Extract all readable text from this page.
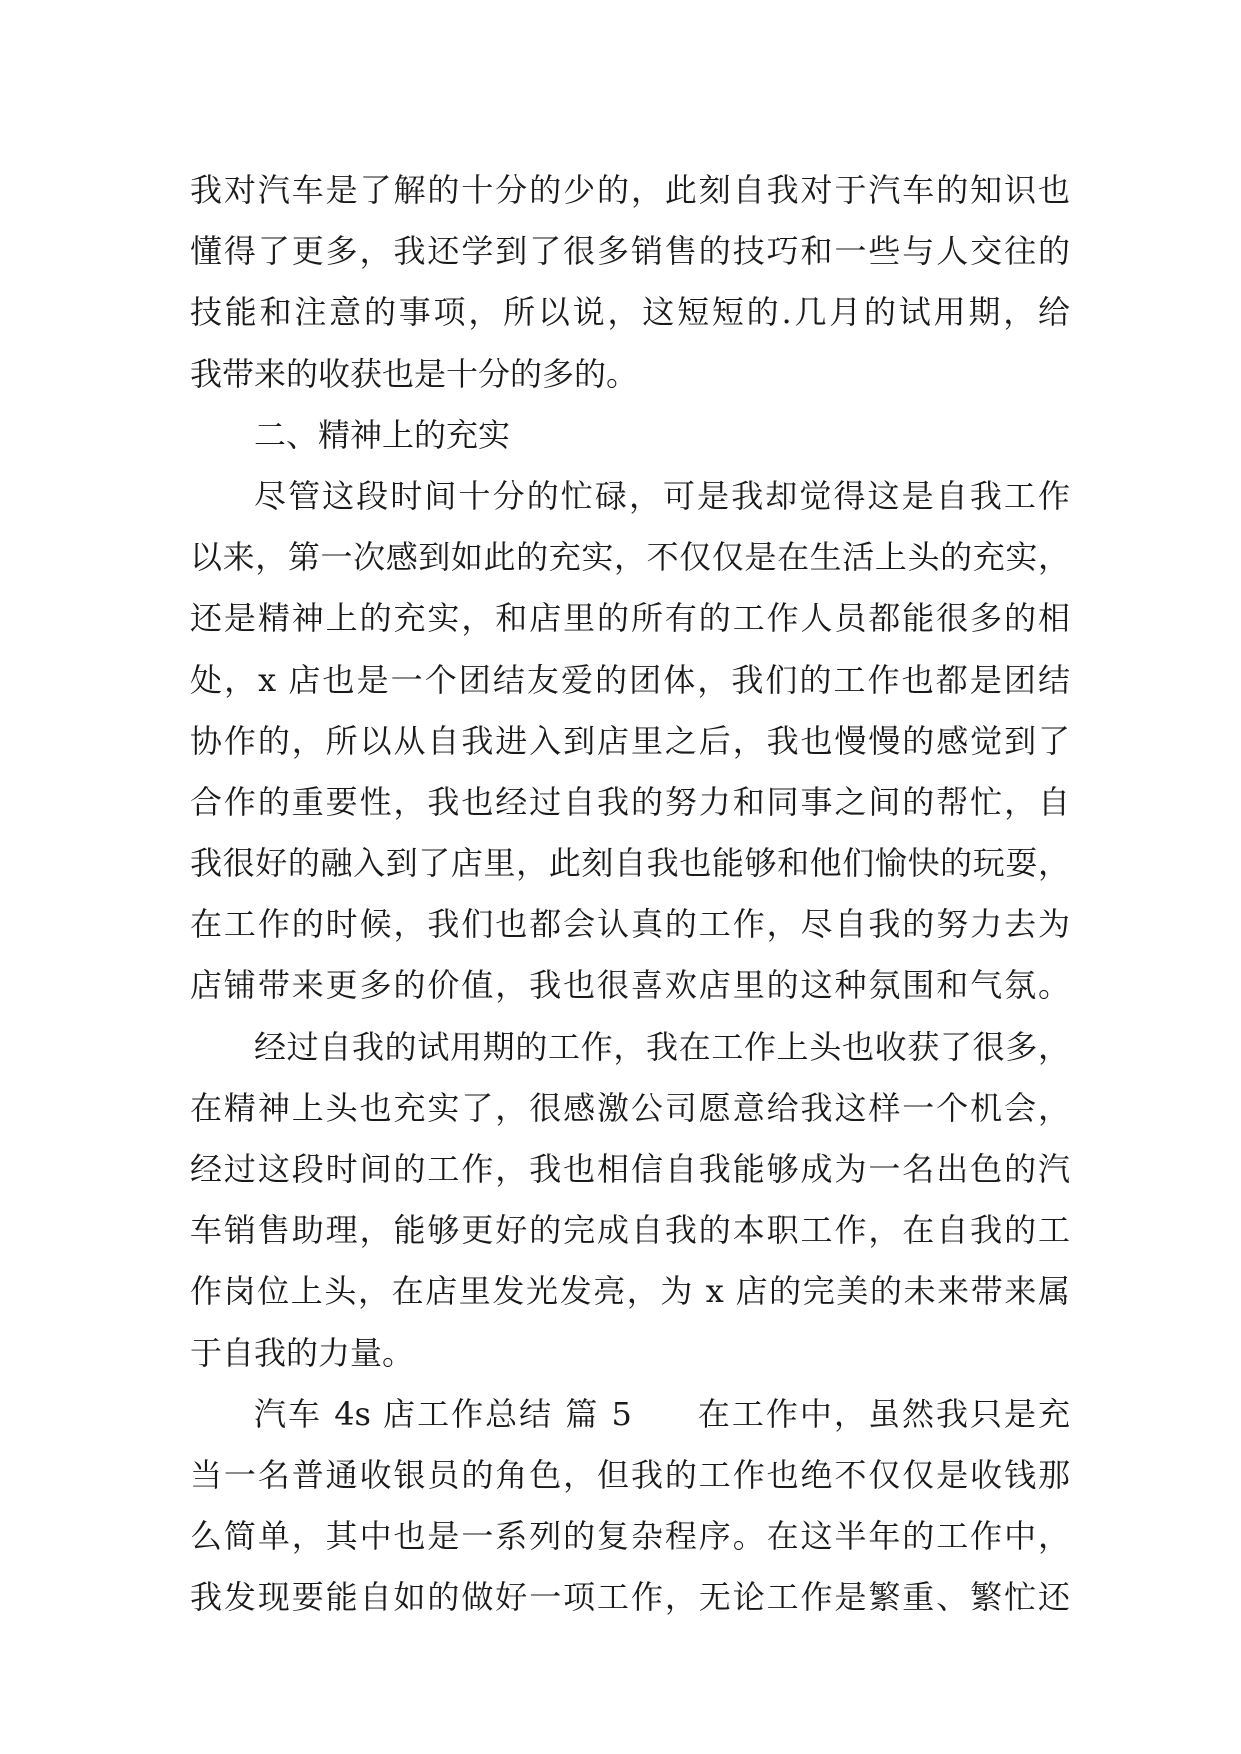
我对汽车是了解的十分的少的，此刻自我对于汽车的知识也
懂得了更多，我还学到了很多销售的技巧和一些与人交往的
技能和注意的事项，所以说，这短短的.几月的试用期，给
我带来的收获也是十分的多的。
二、精神上的充实
尽管这段时间十分的忙碌，可是我却觉得这是自我工作
以来，第一次感到如此的充实，不仅仅是在生活上头的充实，
还是精神上的充实，和店里的所有的工作人员都能很多的相
处，x 店也是一个团结友爱的团体，我们的工作也都是团结
协作的，所以从自我进入到店里之后，我也慢慢的感觉到了
合作的重要性，我也经过自我的努力和同事之间的帮忙，自
我很好的融入到了店里，此刻自我也能够和他们愉快的玩耍，
在工作的时候，我们也都会认真的工作，尽自我的努力去为
店铺带来更多的价值，我也很喜欢店里的这种氛围和气氛。
经过自我的试用期的工作，我在工作上头也收获了很多，
在精神上头也充实了，很感激公司愿意给我这样一个机会，
经过这段时间的工作，我也相信自我能够成为一名出色的汽
车销售助理，能够更好的完成自我的本职工作，在自我的工
作岗位上头，在店里发光发亮，为 x 店的完美的未来带来属
于自我的力量。
汽车 4s 店工作总结 篇 5 在工作中，虽然我只是充
当一名普通收银员的角色，但我的工作也绝不仅仅是收钱那
么简单，其中也是一系列的复杂程序。在这半年的工作中，
我发现要能自如的做好一项工作，无论工作是繁重、繁忙还
